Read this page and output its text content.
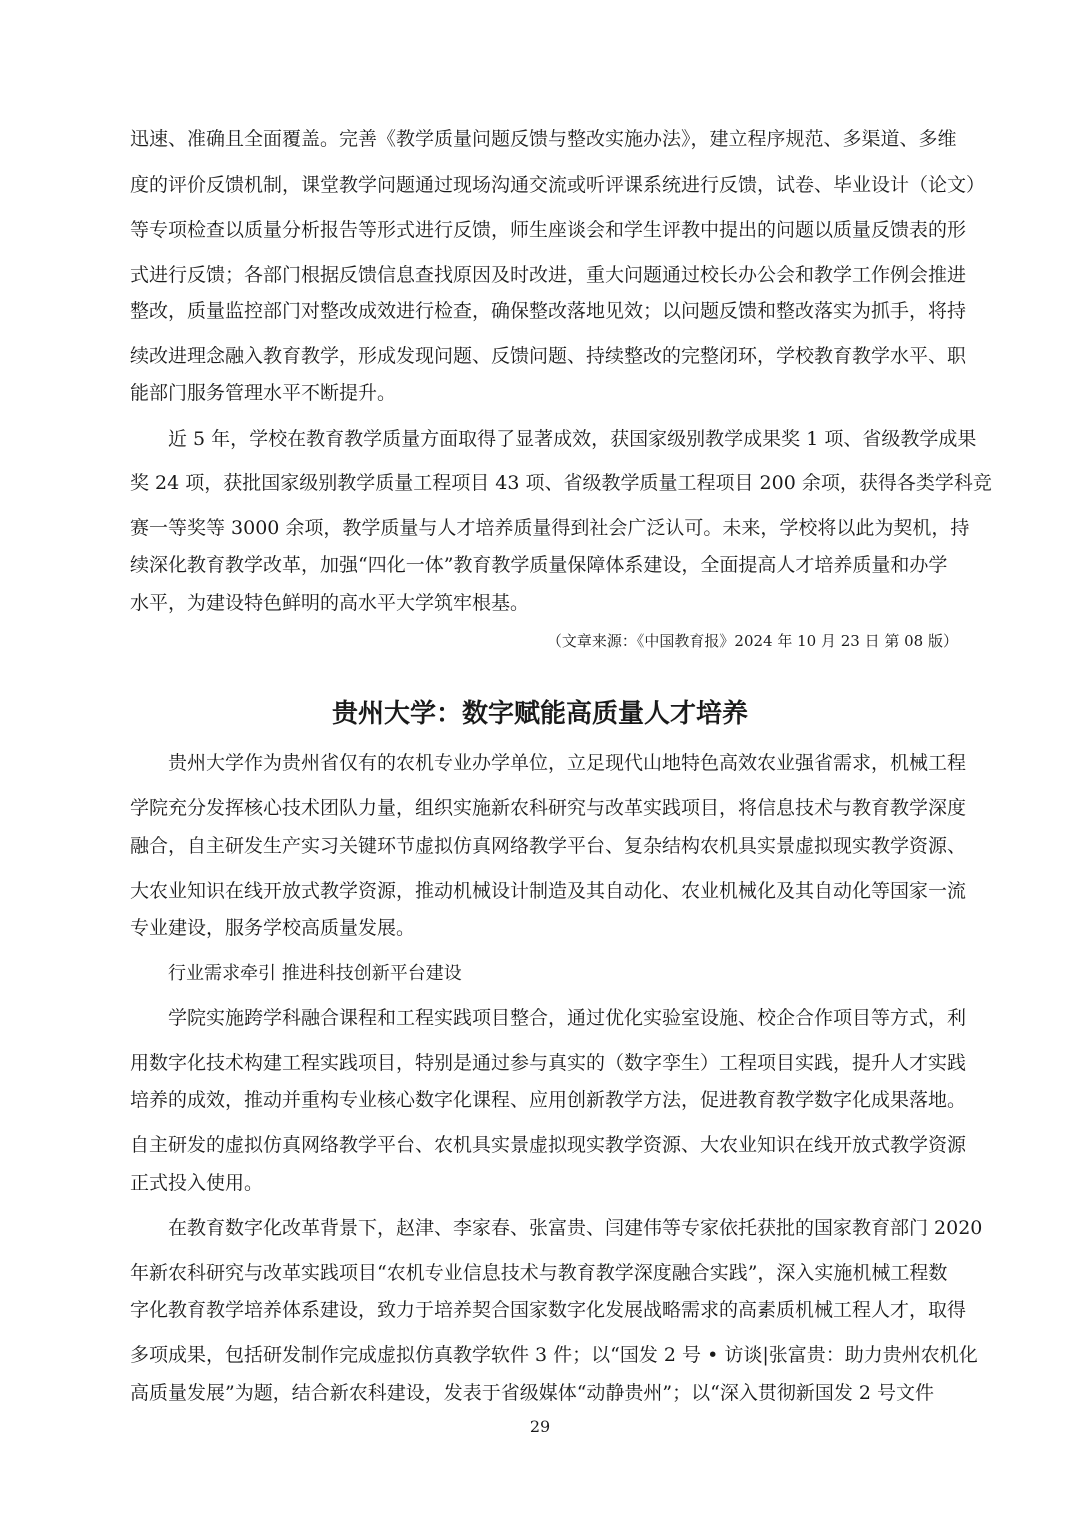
迅速、准确且全面覆盖。完善《教学质量问题反馈与整改实施办法》，建立程序规范、多渠道、多维
度的评价反馈机制，课堂教学问题通过现场沟通交流或听评课系统进行反馈，试卷、毕业设计（论文）
等专项检查以质量分析报告等形式进行反馈，师生座谈会和学生评教中提出的问题以质量反馈表的形
式进行反馈；各部门根据反馈信息查找原因及时改进，重大问题通过校长办公会和教学工作例会推进
整改，质量监控部门对整改成效进行检查，确保整改落地见效；以问题反馈和整改落实为抓手，将持
续改进理念融入教育教学，形成发现问题、反馈问题、持续整改的完整闭环，学校教育教学水平、职
能部门服务管理水平不断提升。
近 5 年，学校在教育教学质量方面取得了显著成效，获国家级别教学成果奖 1 项、省级教学成果
奖 24 项，获批国家级别教学质量工程项目 43 项、省级教学质量工程项目 200 余项，获得各类学科竞
赛一等奖等 3000 余项，教学质量与人才培养质量得到社会广泛认可。未来，学校将以此为契机，持
续深化教育教学改革，加强“四化一体”教育教学质量保障体系建设，全面提高人才培养质量和办学
水平，为建设特色鲜明的高水平大学筑牢根基。
（文章来源：《中国教育报》2024 年 10 月 23 日 第 08 版）
贵州大学：数字赋能高质量人才培养
贵州大学作为贵州省仅有的农机专业办学单位，立足现代山地特色高效农业强省需求，机械工程
学院充分发挥核心技术团队力量，组织实施新农科研究与改革实践项目，将信息技术与教育教学深度
融合，自主研发生产实习关键环节虚拟仿真网络教学平台、复杂结构农机具实景虚拟现实教学资源、
大农业知识在线开放式教学资源，推动机械设计制造及其自动化、农业机械化及其自动化等国家一流
专业建设，服务学校高质量发展。
行业需求牵引 推进科技创新平台建设
学院实施跨学科融合课程和工程实践项目整合，通过优化实验室设施、校企合作项目等方式，利
用数字化技术构建工程实践项目，特别是通过参与真实的（数字孪生）工程项目实践，提升人才实践
培养的成效，推动并重构专业核心数字化课程、应用创新教学方法，促进教育教学数字化成果落地。
自主研发的虚拟仿真网络教学平台、农机具实景虚拟现实教学资源、大农业知识在线开放式教学资源
正式投入使用。
在教育数字化改革背景下，赵津、李家春、张富贵、闫建伟等专家依托获批的国家教育部门 2020
年新农科研究与改革实践项目“农机专业信息技术与教育教学深度融合实践”，深入实施机械工程数
字化教育教学培养体系建设，致力于培养契合国家数字化发展战略需求的高素质机械工程人才，取得
多项成果，包括研发制作完成虚拟仿真教学软件 3 件；以“国发 2 号 • 访谈|张富贵：助力贵州农机化
高质量发展”为题，结合新农科建设，发表于省级媒体“动静贵州”；以“深入贯彻新国发 2 号文件
29
